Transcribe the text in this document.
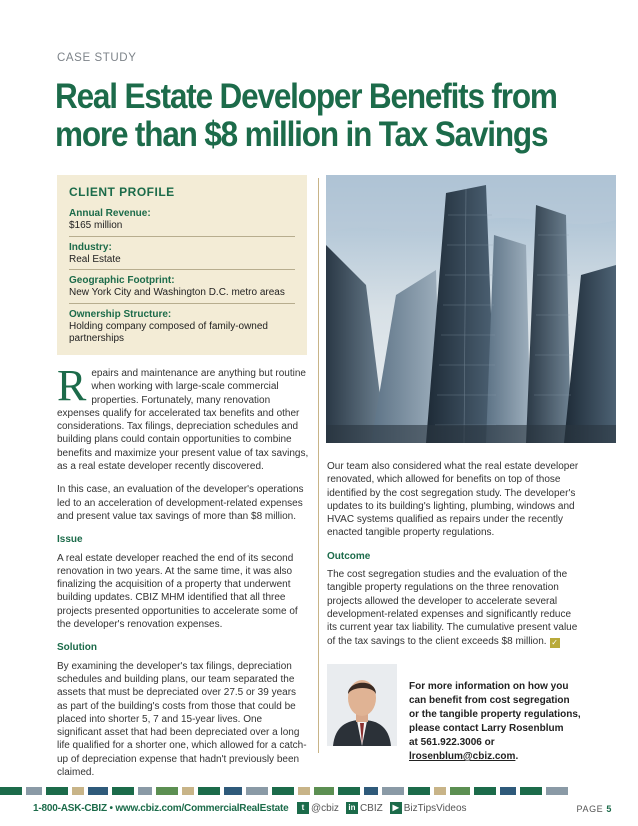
CASE STUDY
Real Estate Developer Benefits from
more than $8 million in Tax Savings
CLIENT PROFILE
Annual Revenue:
$165 million
Industry:
Real Estate
Geographic Footprint:
New York City and Washington D.C. metro areas
Ownership Structure:
Holding company composed of family-owned partnerships

Repairs and maintenance are anything but routine when working with large-scale commercial properties. Fortunately, many renovation expenses qualify for accelerated tax benefits and other considerations. Tax filings, depreciation schedules and building plans could contain opportunities to combine benefits and maximize your present value of tax savings, as a real estate developer recently discovered.

In this case, an evaluation of the developer's operations led to an acceleration of development-related expenses and present value tax savings of more than $8 million.

Issue

A real estate developer reached the end of its second renovation in two years. At the same time, it was also finalizing the acquisition of a property that underwent building updates. CBIZ MHM identified that all three projects presented opportunities to accelerate some of the developer's renovation expenses.

Solution

By examining the developer's tax filings, depreciation schedules and building plans, our team separated the assets that must be depreciated over 27.5 or 39 years as part of the building's costs from those that could be placed into shorter 5, 7 and 15-year lives. One significant asset that had been depreciated over a long life qualified for a shorter one, which allowed for a catch-up of depreciation expense that hadn't previously been claimed.

Our team also considered what the real estate developer renovated, which allowed for benefits on top of those identified by the cost segregation study. The developer's updates to its building's lighting, plumbing, windows and HVAC systems qualified as repairs under the recently enacted tangible property regulations.

Outcome

The cost segregation studies and the evaluation of the tangible property regulations on the three renovation projects allowed the developer to accelerate several development-related expenses and significantly reduce its current year tax liability. The cumulative present value of the tax savings to the client exceeds $8 million. ✓

For more information on how you
can benefit from cost segregation
or the tangible property regulations,
please contact Larry Rosenblum
at 561.922.3006 or
lrosenblum@cbiz.com.
1-800-ASK-CBIZ • www.cbiz.com/CommercialRealEstate	t @cbiz	in CBIZ	▶ BizTipsVideos	PAGE 5
